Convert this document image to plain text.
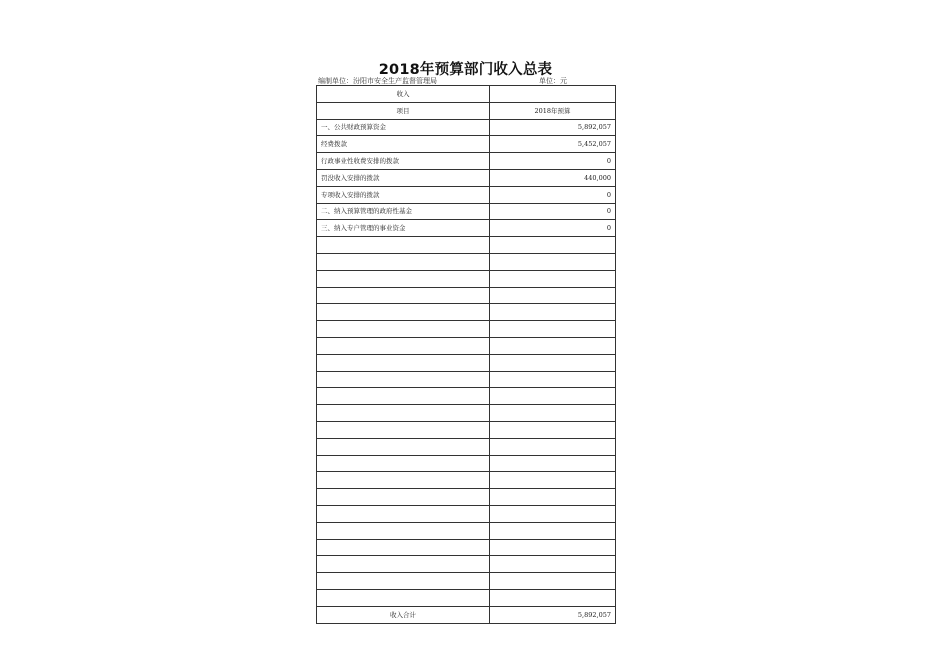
2018年预算部门收入总表
编制单位：汾阳市安全生产监督管理局	单位：元
收入	
项目	2018年预算
一、公共财政预算资金	5,892,057
经费拨款	5,452,057
行政事业性收费安排的拨款	0
罚没收入安排的拨款	440,000
专项收入安排的拨款	0
二、纳入预算管理的政府性基金	0
三、纳入专户管理的事业资金	0

收入合计	5,892,057
